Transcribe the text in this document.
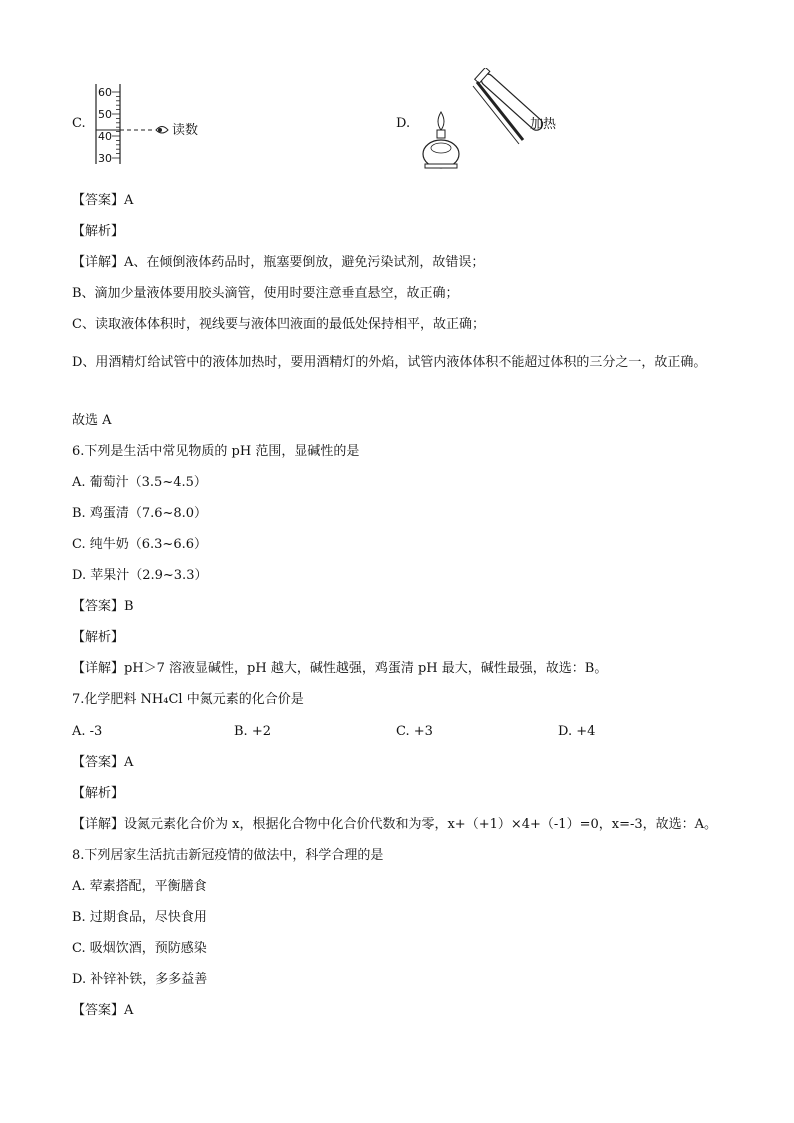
C.
60
50
40
30
读数	D.	加热
【答案】A
【解析】
【详解】A、在倾倒液体药品时，瓶塞要倒放，避免污染试剂，故错误；
B、滴加少量液体要用胶头滴管，使用时要注意垂直悬空，故正确；
C、读取液体体积时，视线要与液体凹液面的最低处保持相平，故正确；
D、用酒精灯给试管中的液体加热时，要用酒精灯的外焰，试管内液体体积不能超过体积的三分之一，故正确。
故选 A
6.下列是生活中常见物质的 pH 范围，显碱性的是
A. 葡萄汁（3.5~4.5）
B. 鸡蛋清（7.6~8.0）
C. 纯牛奶（6.3~6.6）
D. 苹果汁（2.9~3.3）
【答案】B
【解析】
【详解】pH＞7 溶液显碱性，pH 越大，碱性越强，鸡蛋清 pH 最大，碱性最强，故选：B。
7.化学肥料 NH₄Cl 中氮元素的化合价是
A. -3	B. +2	C. +3	D. +4
【答案】A
【解析】
【详解】设氮元素化合价为 x，根据化合物中化合价代数和为零，x+（+1）×4+（-1）=0，x=-3，故选：A。
8.下列居家生活抗击新冠疫情的做法中，科学合理的是
A. 荤素搭配，平衡膳食
B. 过期食品，尽快食用
C. 吸烟饮酒，预防感染
D. 补锌补铁，多多益善
【答案】A
